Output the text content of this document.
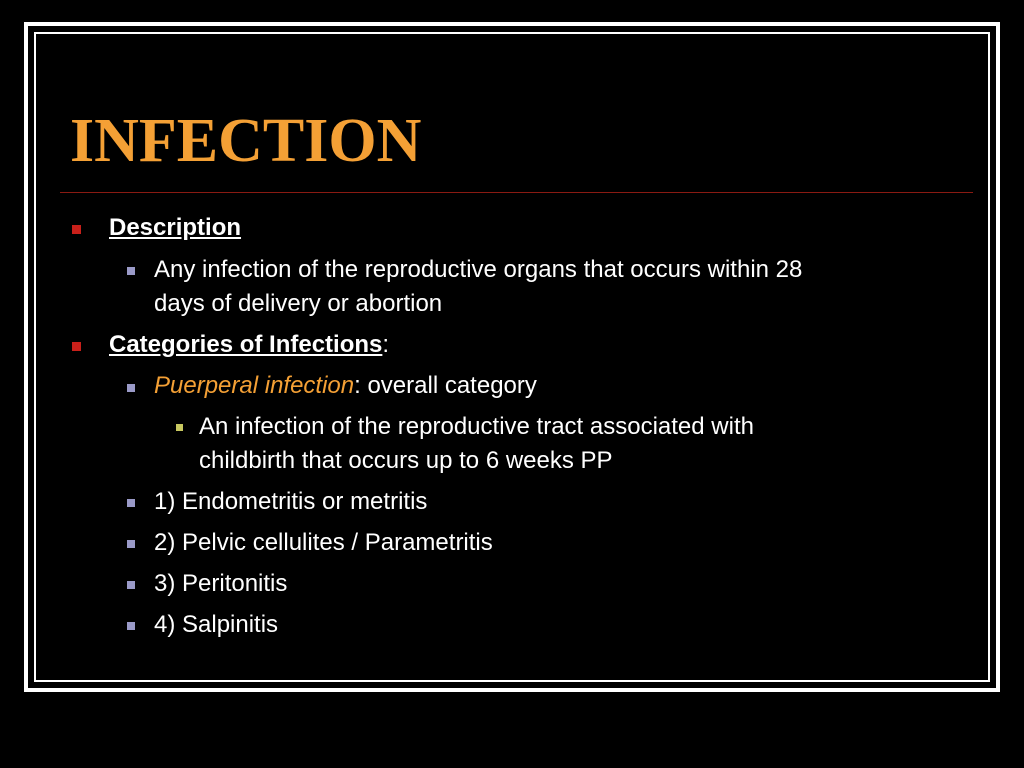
INFECTION
Description
Any infection of the reproductive organs that occurs within 28
days of delivery or abortion
Categories of Infections:
Puerperal infection: overall category
An infection of the reproductive tract associated with
childbirth that occurs up to 6 weeks PP
1) Endometritis or metritis
2) Pelvic cellulites / Parametritis
3) Peritonitis
4) Salpinitis
